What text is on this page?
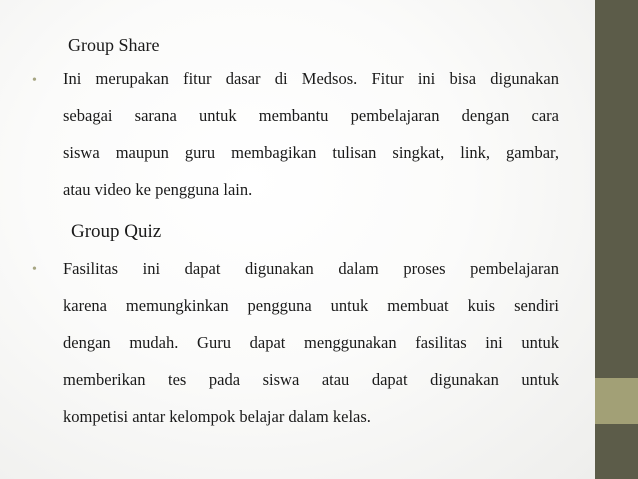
Group Share
• Ini merupakan fitur dasar di Medsos. Fitur ini bisa digunakan
sebagai sarana untuk membantu pembelajaran dengan cara
siswa maupun guru membagikan tulisan singkat, link, gambar,
atau video ke pengguna lain.
Group Quiz
• Fasilitas ini dapat digunakan dalam proses pembelajaran
karena memungkinkan pengguna untuk membuat kuis sendiri
dengan mudah. Guru dapat menggunakan fasilitas ini untuk
memberikan tes pada siswa atau dapat digunakan untuk
kompetisi antar kelompok belajar dalam kelas.
